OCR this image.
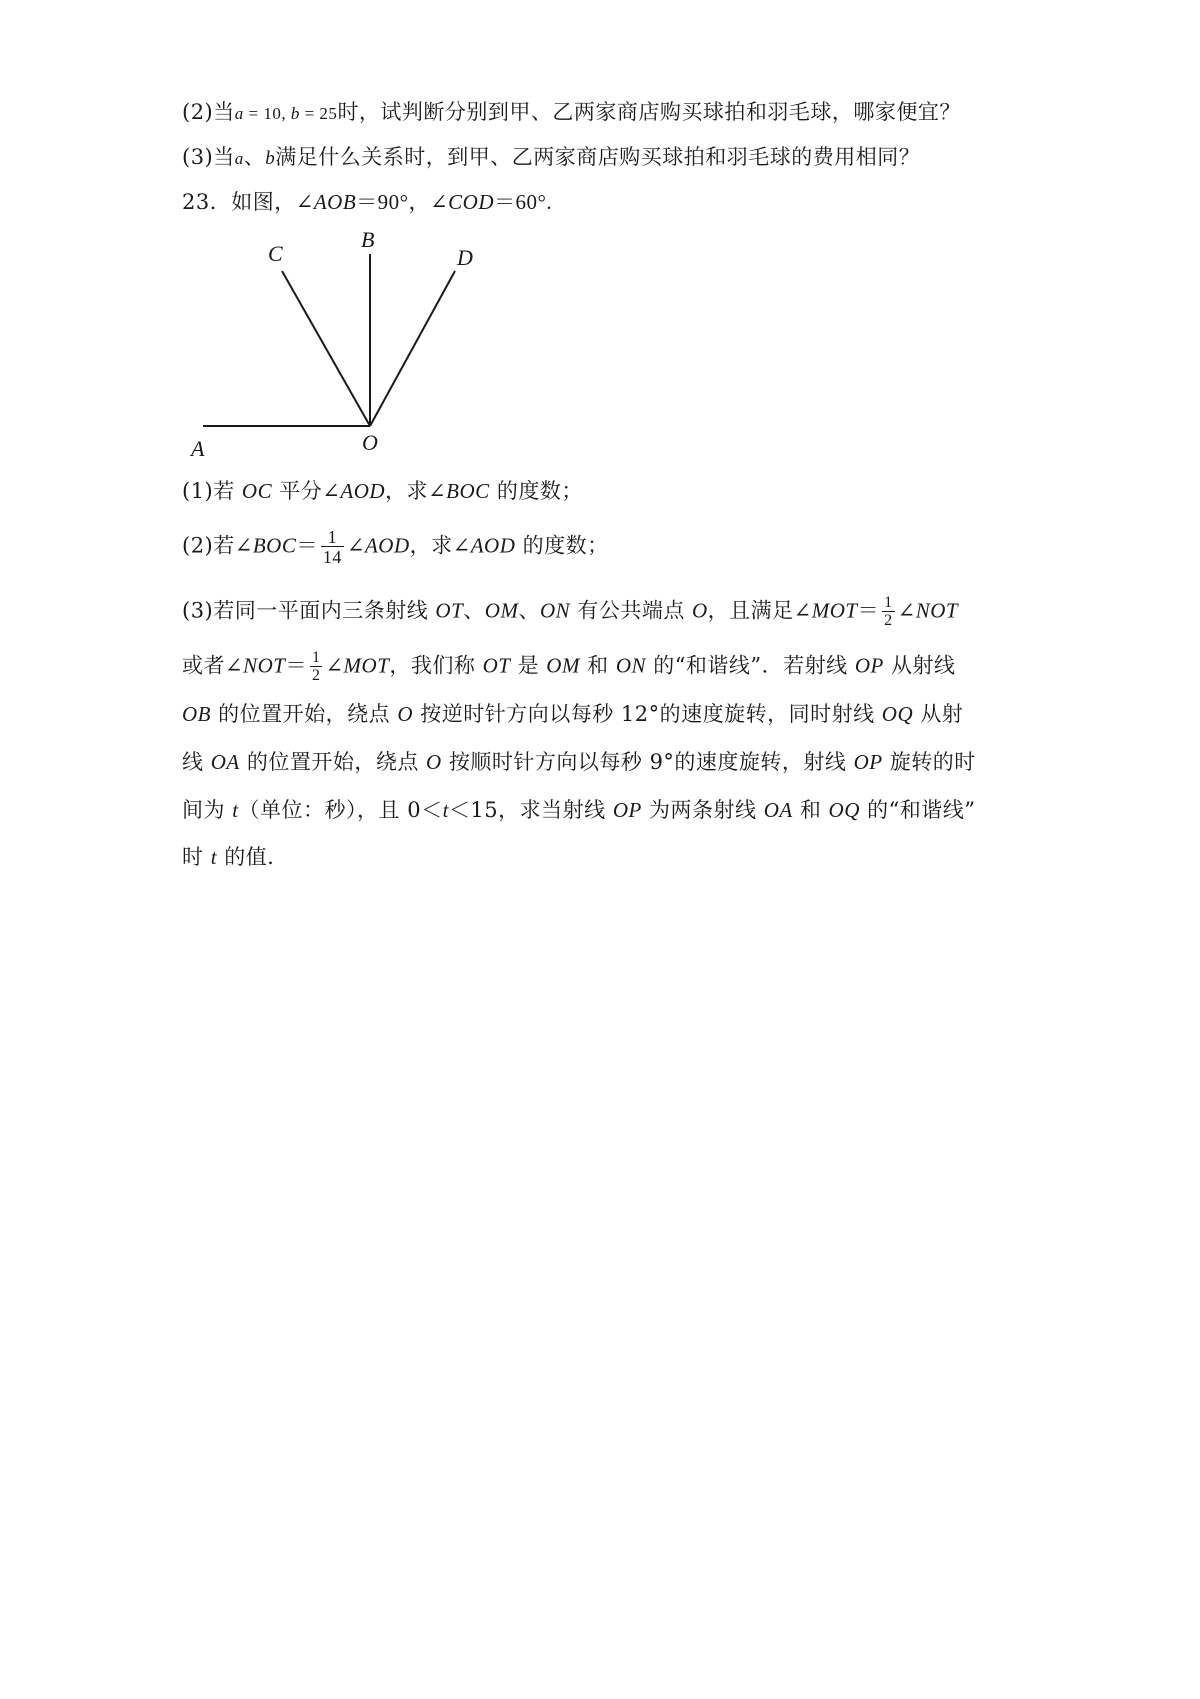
(2)当a = 10, b = 25时，试判断分别到甲、乙两家商店购买球拍和羽毛球，哪家便宜？
(3)当a、b满足什么关系时，到甲、乙两家商店购买球拍和羽毛球的费用相同？
23．如图，∠AOB＝90°，∠COD＝60°.
A	O
B
C	D
(1)若 OC 平分∠AOD，求∠BOC 的度数；
(2)若∠BOC＝ $\frac{1}{14}$ ∠AOD，求∠AOD 的度数；
(3)若同一平面内三条射线 OT、OM、ON 有公共端点 O，且满足∠MOT＝ $\frac{1}{2}$ ∠NOT
或者∠NOT＝ $\frac{1}{2}$ ∠MOT，我们称 OT 是 OM 和 ON 的“和谐线”．若射线 OP 从射线
OB 的位置开始，绕点 O 按逆时针方向以每秒 12°的速度旋转，同时射线 OQ 从射
线 OA 的位置开始，绕点 O 按顺时针方向以每秒 9°的速度旋转，射线 OP 旋转的时
间为 t（单位：秒），且 0＜t＜15，求当射线 OP 为两条射线 OA 和 OQ 的“和谐线”
时 t 的值．
